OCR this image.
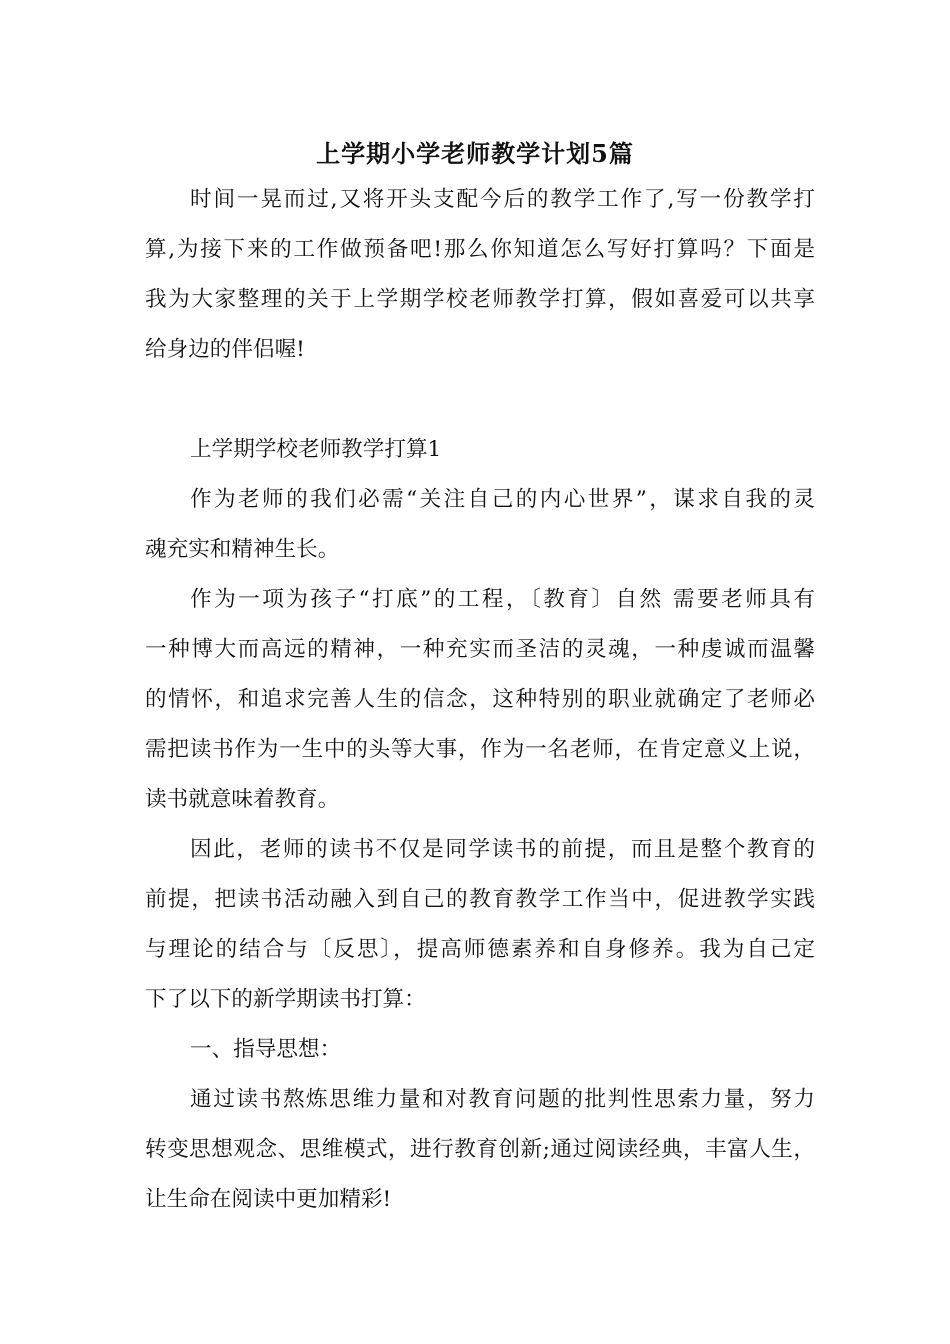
上学期小学老师教学计划5篇
时间一晃而过,又将开头支配今后的教学工作了,写一份教学打
算,为接下来的工作做预备吧!那么你知道怎么写好打算吗？下面是
我为大家整理的关于上学期学校老师教学打算，假如喜爱可以共享
给身边的伴侣喔!
上学期学校老师教学打算1
作为老师的我们必需“关注自己的内心世界”，谋求自我的灵
魂充实和精神生长。
作为一项为孩子“打底”的工程，〔教育〕自然 需要老师具有
一种博大而高远的精神，一种充实而圣洁的灵魂，一种虔诚而温馨
的情怀，和追求完善人生的信念，这种特别的职业就确定了老师必
需把读书作为一生中的头等大事，作为一名老师，在肯定意义上说，
读书就意味着教育。
因此，老师的读书不仅是同学读书的前提，而且是整个教育的
前提，把读书活动融入到自己的教育教学工作当中，促进教学实践
与理论的结合与〔反思〕，提高师德素养和自身修养。我为自己定
下了以下的新学期读书打算：
一、指导思想：
通过读书熬炼思维力量和对教育问题的批判性思索力量，努力
转变思想观念、思维模式，进行教育创新;通过阅读经典，丰富人生，
让生命在阅读中更加精彩!
